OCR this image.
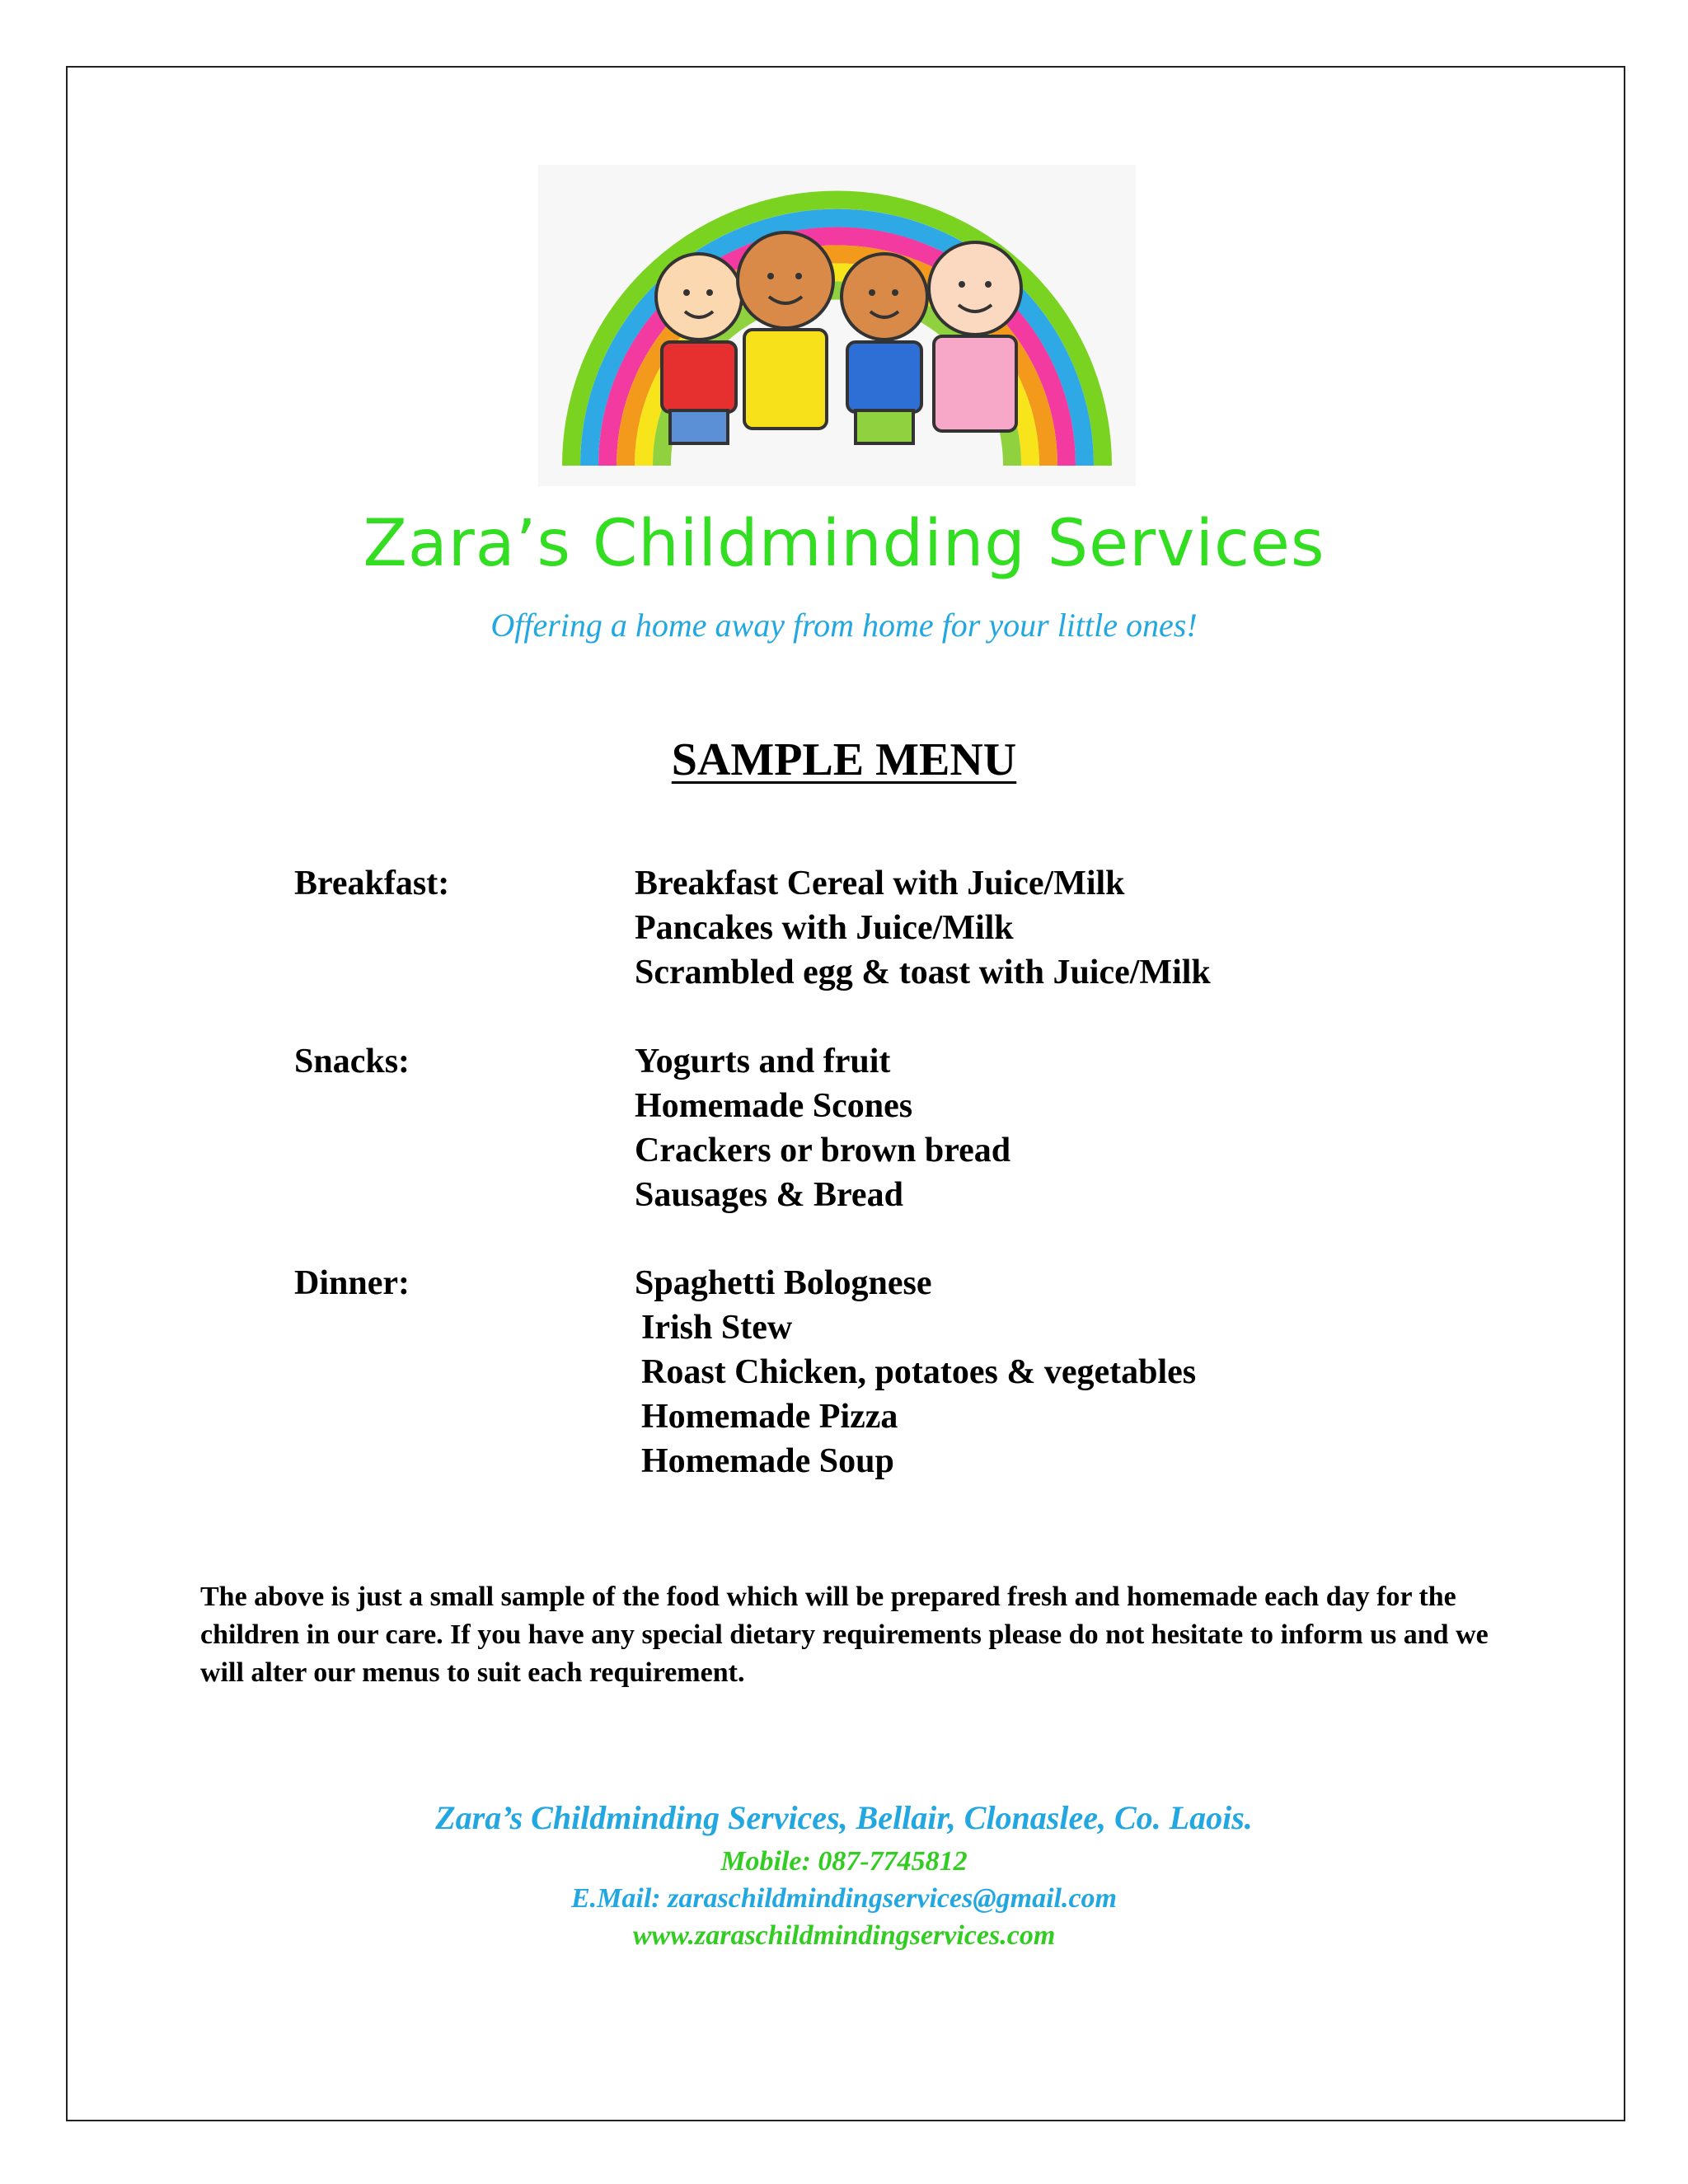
Zara’s Childminding Services
Offering a home away from home for your little ones!
SAMPLE MENU
Breakfast:	Breakfast Cereal with Juice/Milk
Pancakes with Juice/Milk
Scrambled egg & toast with Juice/Milk
Snacks:	Yogurts and fruit
Homemade Scones
Crackers or brown bread
Sausages & Bread
Dinner:	Spaghetti Bolognese
Irish Stew
Roast Chicken, potatoes & vegetables
Homemade Pizza
Homemade Soup
The above is just a small sample of the food which will be prepared fresh and homemade each day for the children in our care. If you have any special dietary requirements please do not hesitate to inform us and we will alter our menus to suit each requirement.
Zara’s Childminding Services, Bellair, Clonaslee, Co. Laois.
Mobile: 087-7745812
E.Mail: zaraschildmindingservices@gmail.com
www.zaraschildmindingservices.com
